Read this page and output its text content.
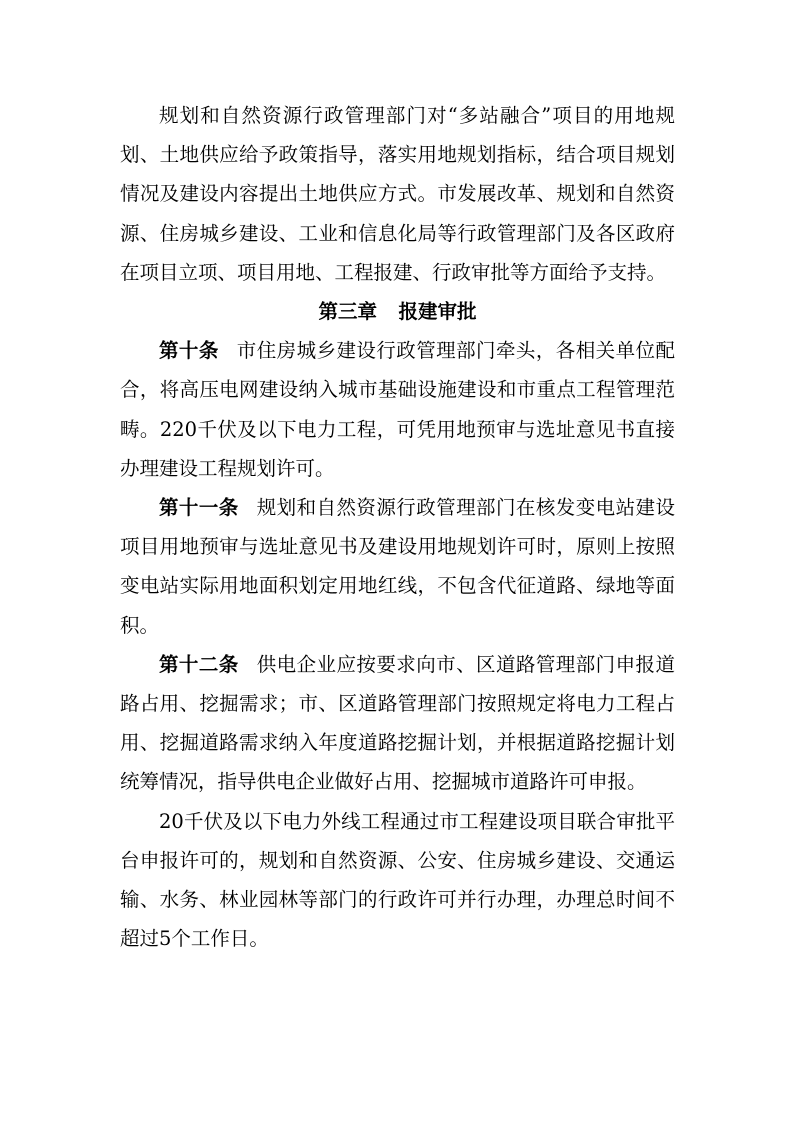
规划和自然资源行政管理部门对“多站融合”项目的用地规划、土地供应给予政策指导，落实用地规划指标，结合项目规划情况及建设内容提出土地供应方式。市发展改革、规划和自然资源、住房城乡建设、工业和信息化局等行政管理部门及各区政府在项目立项、项目用地、工程报建、行政审批等方面给予支持。

第三章 报建审批

第十条 市住房城乡建设行政管理部门牵头，各相关单位配合，将高压电网建设纳入城市基础设施建设和市重点工程管理范畴。220千伏及以下电力工程，可凭用地预审与选址意见书直接办理建设工程规划许可。

第十一条 规划和自然资源行政管理部门在核发变电站建设项目用地预审与选址意见书及建设用地规划许可时，原则上按照变电站实际用地面积划定用地红线，不包含代征道路、绿地等面积。

第十二条 供电企业应按要求向市、区道路管理部门申报道路占用、挖掘需求；市、区道路管理部门按照规定将电力工程占用、挖掘道路需求纳入年度道路挖掘计划，并根据道路挖掘计划统筹情况，指导供电企业做好占用、挖掘城市道路许可申报。

20千伏及以下电力外线工程通过市工程建设项目联合审批平台申报许可的，规划和自然资源、公安、住房城乡建设、交通运输、水务、林业园林等部门的行政许可并行办理，办理总时间不超过5个工作日。
